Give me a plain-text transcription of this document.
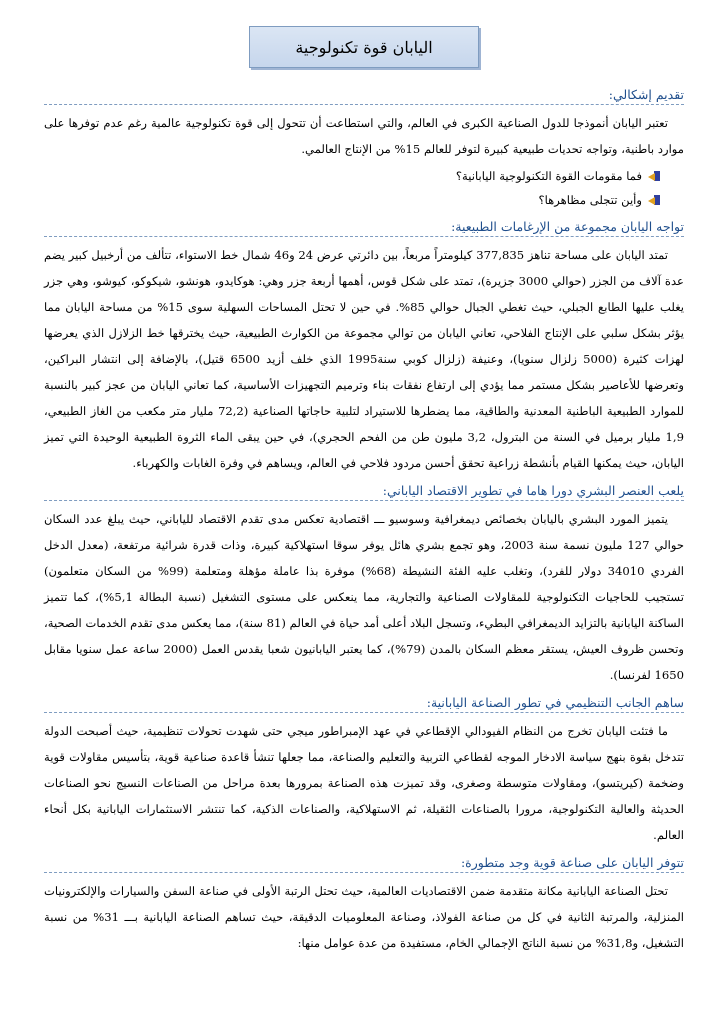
اليابان قوة تكنولوجية
تقديم إشكالي:

تعتبر اليابان أنموذجا للدول الصناعية الكبرى في العالم، والتي استطاعت أن تتحول إلى قوة تكنولوجية عالمية رغم عدم توفرها على موارد باطنية، وتواجه تحديات طبيعية كبيرة لتوفر للعالم 15% من الإنتاج العالمي.

فما مقومات القوة التكنولوجية اليابانية؟
وأين تتجلى مظاهرها؟
تواجه اليابان مجموعة من الإرغامات الطبيعية:

تمتد اليابان على مساحة تناهز 377,835 كيلومتراً مربعاً، بين دائرتي عرض 24 و46 شمال خط الاستواء، تتألف من أرخبيل كبير يضم عدة آلاف من الجزر (حوالي 3000 جزيرة)، تمتد على شكل قوس، أهمها أربعة جزر وهي: هوكايدو، هونشو، شيكوكو، كيوشو، وهي جزر يغلب عليها الطابع الجبلي، حيث تغطي الجبال حوالي 85%. في حين لا تحتل المساحات السهلية سوى 15% من مساحة اليابان مما يؤثر بشكل سلبي على الإنتاج الفلاحي، تعاني اليابان من توالي مجموعة من الكوارث الطبيعية، حيث يخترقها خط الزلازل الذي يعرضها لهزات كثيرة (5000 زلزال سنويا)، وعنيفة (زلزال كوبي سنة1995 الذي خلف أزيد 6500 قتيل)، بالإضافة إلى انتشار البراكين، وتعرضها للأعاصير بشكل مستمر مما يؤدي إلى ارتفاع نفقات بناء وترميم التجهيزات الأساسية، كما تعاني اليابان من عجز كبير بالنسبة للموارد الطبيعية الباطنية المعدنية والطاقية، مما يضطرها للاستيراد لتلبية حاجاتها الصناعية (72,2 مليار متر مكعب من الغاز الطبيعي، 1,9 مليار برميل في السنة من البترول، 3,2 مليون طن من الفحم الحجري)، في حين يبقى الماء الثروة الطبيعية الوحيدة التي تميز اليابان، حيث يمكنها القيام بأنشطة زراعية تحقق أحسن مردود فلاحي في العالم، ويساهم في وفرة الغابات والكهرباء.

يلعب العنصر البشري دورا هاما في تطوير الاقتصاد الياباني:

يتميز المورد البشري باليابان بخصائص ديمغرافية وسوسيو ـــ اقتصادية تعكس مدى تقدم الاقتصاد للياباني، حيث يبلغ عدد السكان حوالي 127 مليون نسمة سنة 2003، وهو تجمع بشري هائل يوفر سوقا استهلاكية كبيرة، وذات قدرة شرائية مرتفعة، (معدل الدخل الفردي 34010 دولار للفرد)، وتغلب عليه الفئة النشيطة (68%) موفرة بذا عاملة مؤهلة ومتعلمة (99% من السكان متعلمون) تستجيب للحاجيات التكنولوجية للمقاولات الصناعية والتجارية، مما ينعكس على مستوى التشغيل (نسبة البطالة 5,1%)، كما تتميز الساكنة اليابانية بالتزايد الديمغرافي البطيء، وتسجل البلاد أعلى أمد حياة في العالم (81 سنة)، مما يعكس مدى تقدم الخدمات الصحية، وتحسن ظروف العيش، يستقر معظم السكان بالمدن (79%)، كما يعتبر اليابانيون شعبا يقدس العمل (2000 ساعة عمل سنويا مقابل 1650 لفرنسا).

ساهم الجانب التنظيمي في تطور الصناعة اليابانية:

ما فتئت اليابان تخرج من النظام الفيودالي الإقطاعي في عهد الإمبراطور ميجي حتى شهدت تحولات تنظيمية، حيث أصبحت الدولة تتدخل بقوة بنهج سياسة الادخار الموجه لقطاعي التربية والتعليم والصناعة، مما جعلها تنشأ قاعدة صناعية قوية، بتأسيس مقاولات قوية وضخمة (كيريتسو)، ومقاولات متوسطة وصغرى، وقد تميزت هذه الصناعة بمرورها بعدة مراحل من الصناعات النسيج نحو الصناعات الحديثة والعالية التكنولوجية، مرورا بالصناعات الثقيلة، ثم الاستهلاكية، والصناعات الذكية، كما تنتشر الاستثمارات اليابانية بكل أنحاء العالم.

تتوفر اليابان على صناعة قوية وجد متطورة:

تحتل الصناعة اليابانية مكانة متقدمة ضمن الاقتصاديات العالمية، حيث تحتل الرتبة الأولى في صناعة السفن والسيارات والإلكترونيات المنزلية، والمرتبة الثانية في كل من صناعة الفولاذ، وصناعة المعلوميات الدقيقة، حيث تساهم الصناعة اليابانية بـــ 31% من نسبة التشغيل، و31,8% من نسبة الناتج الإجمالي الخام، مستفيدة من عدة عوامل منها:
